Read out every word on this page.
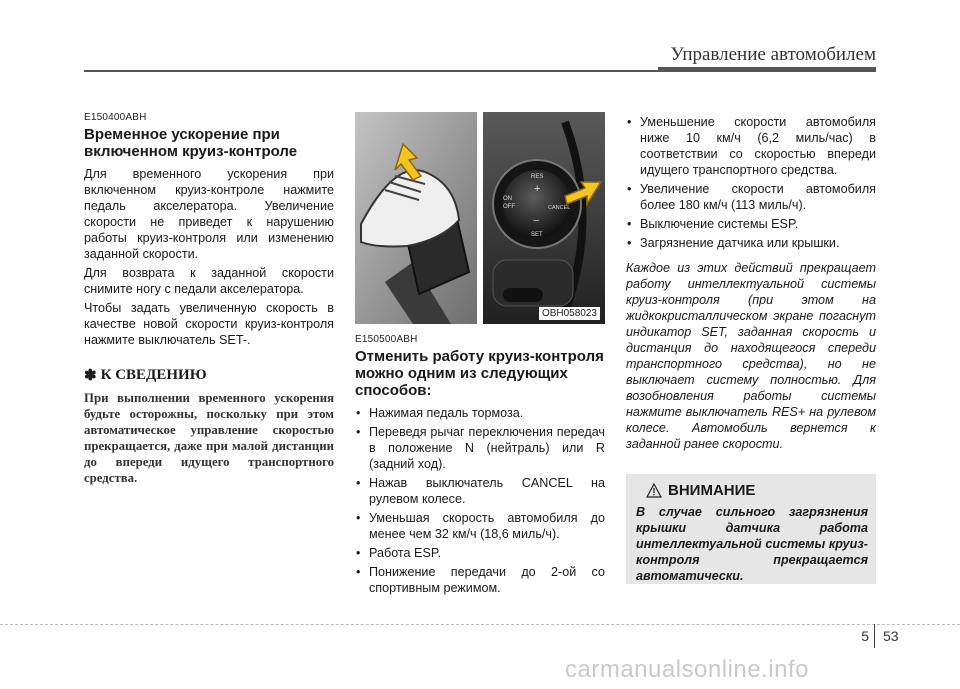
Управление автомобилем

E150400ABH

Временное ускорение при включенном круиз-контроле

Для временного ускорения при включенном круиз-контроле нажмите педаль акселератора. Увеличение скорости не приведет к нарушению работы круиз-контроля или изменению заданной скорости.

Для возврата к заданной скорости снимите ногу с педали акселератора.

Чтобы задать увеличенную скорость в качестве новой скорости круиз-контроля нажмите выключатель SET-.

✽ К СВЕДЕНИЮ

При выполнении временного ускорения будьте осторожны, поскольку при этом автоматическое управление скоростью прекращается, даже при малой дистанции до впереди идущего транспортного средства.

RES
+
ON
OFF	CANCEL
−
SET
OBH058023

E150500ABH

Отменить работу круиз-контроля можно одним из следующих способов:

• Нажимая педаль тормоза.
• Переведя рычаг переключения передач в положение N (нейтраль) или R (задний ход).
• Нажав выключатель CANCEL на рулевом колесе.
• Уменьшая скорость автомобиля до менее чем 32 км/ч (18,6 миль/ч).
• Работа ESP.
• Понижение передачи до 2-ой со спортивным режимом.
• Уменьшение скорости автомобиля ниже 10 км/ч (6,2 миль/час) в соответствии со скоростью впереди идущего транспортного средства.
• Увеличение скорости автомобиля более 180 км/ч (113 миль/ч).
• Выключение системы ESP.
• Загрязнение датчика или крышки.

Каждое из этих действий прекращает работу интеллектуальной системы круиз-контроля (при этом на жидкокристаллическом экране погаснут индикатор SET, заданная скорость и дистанция до находящегося спереди транспортного средства), но не выключает систему полностью. Для возобновления работы системы нажмите выключатель RES+ на рулевом колесе. Автомобиль вернется к заданной ранее скорости.

ВНИМАНИЕ

В случае сильного загрязнения крышки датчика работа интеллектуальной системы круиз-контроля прекращается автоматически.

5 53
carmanualsonline.info
